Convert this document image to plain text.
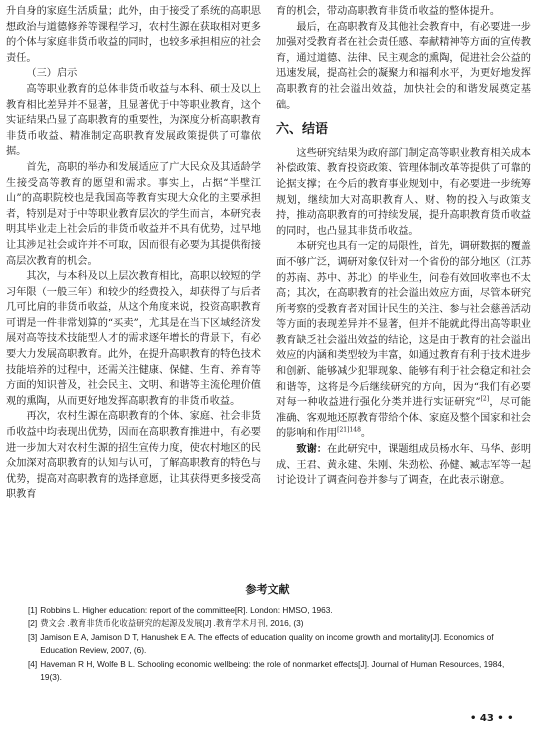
升自身的家庭生活质量；此外，由于接受了系统的高职思想政治与道德修养等课程学习，农村生源在获取相对更多的个体与家庭非货币收益的同时，也较多承担相应的社会责任。

（三）启示

高等职业教育的总体非货币收益与本科、硕士及以上教育相比差异并不显著，且显著优于中等职业教育，这个实证结果凸显了高职教育的重要性，为深度分析高职教育非货币收益、精准制定高职教育发展政策提供了可靠依据。

首先，高职的举办和发展适应了广大民众及其适龄学生接受高等教育的愿望和需求。事实上，占据“半壁江山”的高职院校也是我国高等教育实现大众化的主要承担者，特别是对于中等职业教育层次的学生而言，本研究表明其毕业走上社会后的非货币收益并不具有优势，过早地让其涉足社会或许并不可取，因而很有必要为其提供衔接高层次教育的机会。

其次，与本科及以上层次教育相比，高职以较短的学习年限（一般三年）和较少的经费投入，却获得了与后者几可比肩的非货币收益，从这个角度来说，投资高职教育可谓是一件非常划算的“买卖”，尤其是在当下区域经济发展对高等技术技能型人才的需求逐年增长的背景下，有必要大力发展高职教育。此外，在提升高职教育的特色技术技能培养的过程中，还需关注健康、保健、生育、养育等方面的知识普及，社会民主、文明、和谐等主流伦理价值观的熏陶，从而更好地发挥高职教育的非货币收益。

再次，农村生源在高职教育的个体、家庭、社会非货币收益中均表现出优势，因而在高职教育推进中，有必要进一步加大对农村生源的招生宣传力度，使农村地区的民众加深对高职教育的认知与认可，了解高职教育的特色与优势，提高对高职教育的选择意愿，让其获得更多接受高职教育

育的机会，带动高职教育非货币收益的整体提升。

最后，在高职教育及其他社会教育中，有必要进一步加强对受教育者在社会责任感、奉献精神等方面的宣传教育，通过道德、法律、民主观念的熏陶，促进社会公益的迅速发展，提高社会的凝聚力和福利水平，为更好地发挥高职教育的社会溢出效益，加快社会的和谐发展奠定基础。

六、结语

这些研究结果为政府部门制定高等职业教育相关成本补偿政策、教育投资政策、管理体制改革等提供了可靠的论据支撑；在今后的教育事业规划中，有必要进一步统筹规划，继续加大对高职教育人、财、物的投入与政策支持，推动高职教育的可持续发展，提升高职教育货币收益的同时，也凸显其非货币收益。

本研究也具有一定的局限性，首先，调研数据的覆盖面不够广泛，调研对象仅针对一个省份的部分地区（江苏的苏南、苏中、苏北）的毕业生，问卷有效回收率也不太高；其次，在高职教育的社会溢出效应方面，尽管本研究所考察的受教育者对国计民生的关注、参与社会慈善活动等方面的表现差异并不显著，但并不能就此得出高等职业教育缺乏社会溢出效益的结论，这是由于教育的社会溢出效应的内涵和类型较为丰富，如通过教育有利于技术进步和创新、能够减少犯罪现象、能够有利于社会稳定和社会和谐等，这将是今后继续研究的方向，因为“我们有必要对每一种收益进行强化分类并进行实证研究”[2]，尽可能准确、客观地还原教育带给个体、家庭及整个国家和社会的影响和作用$^{[21]148}$。

致谢：在此研究中，课题组成员杨水年、马华、彭明成、王君、黄永建、朱刚、朱劲松、孙健、臧志军等一起讨论设计了调查问卷并参与了调查，在此表示谢意。

参考文献
[1] Robbins L. Higher education: report of the committee[R]. London: HMSO, 1963.
[2] 费文会 .教育非货币化收益研究的起源及发展[J] .教育学术月刊, 2016, (3)
[3] Jamison E A, Jamison D T, Hanushek E A. The effects of education quality on income growth and mortality[J]. Economics of Education Review, 2007, (6).
[4] Haveman R H, Wolfe B L. Schooling economic wellbeing: the role of nonmarket effects[J]. Journal of Human Resources, 1984, 19(3).
• 43 • •
